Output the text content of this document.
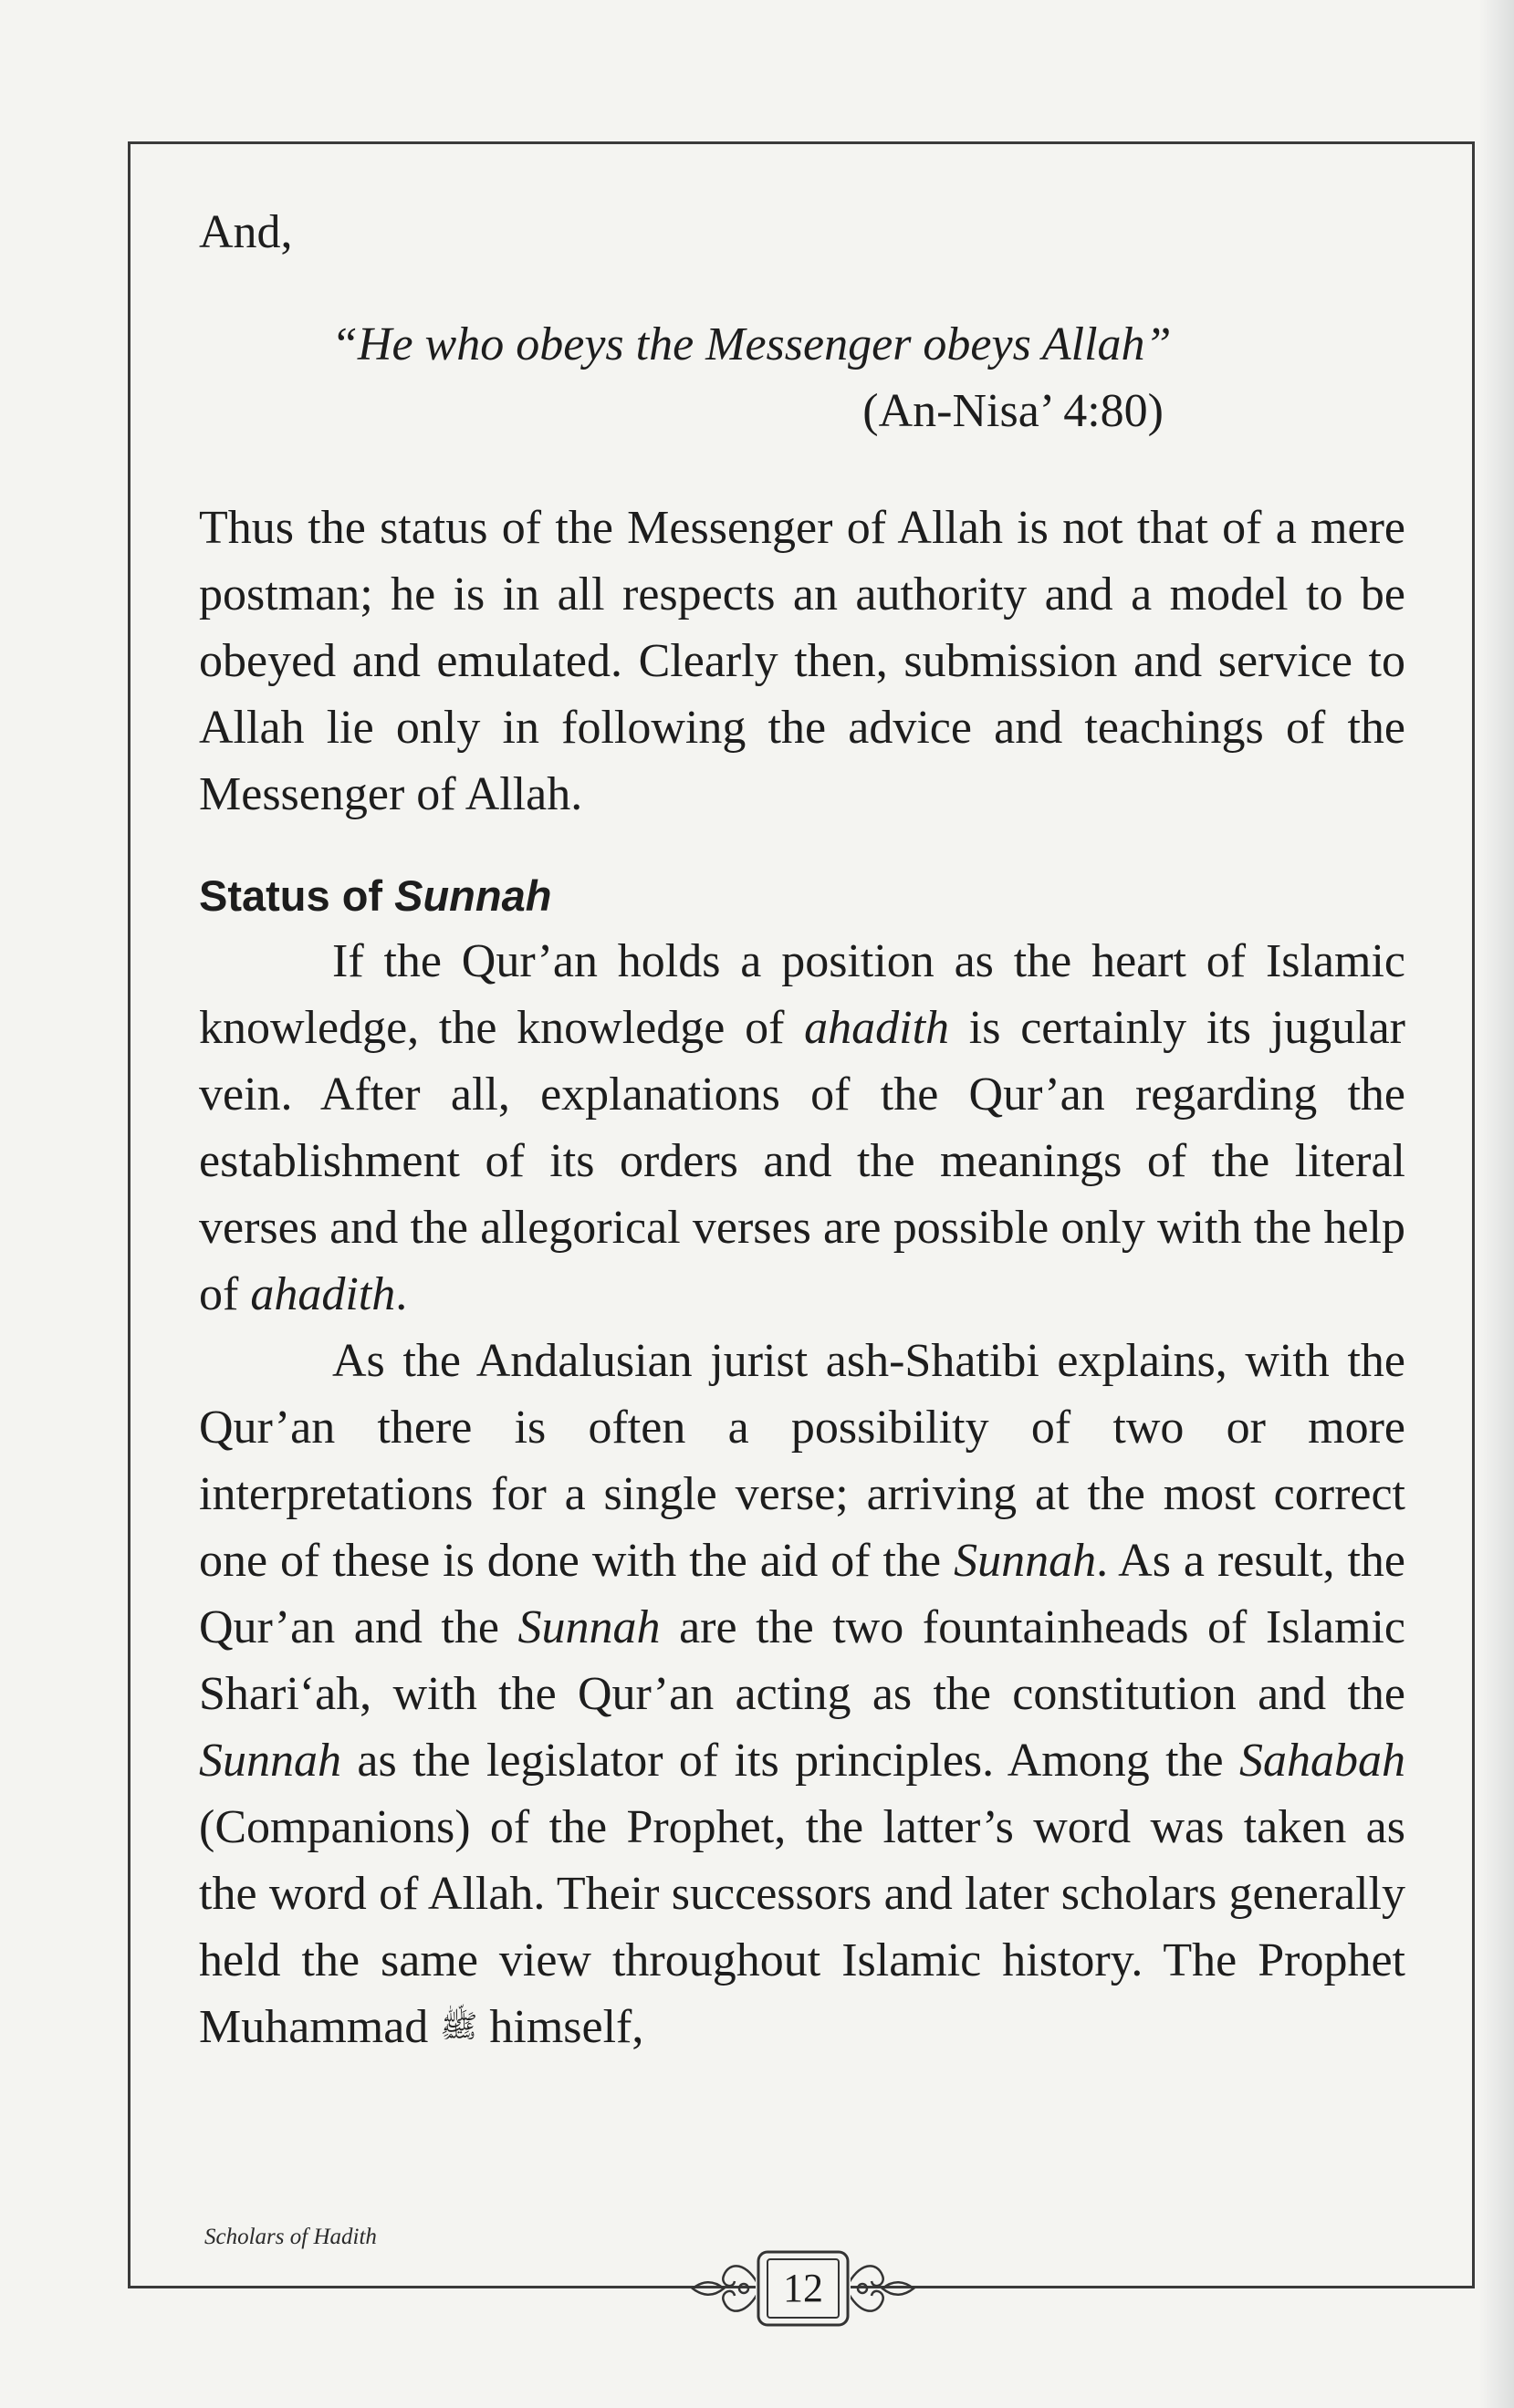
And,

“He who obeys the Messenger obeys Allah”

(An-Nisa’ 4:80)

Thus the status of the Messenger of Allah is not that of a mere postman; he is in all respects an authority and a model to be obeyed and emulated. Clearly then, submission and service to Allah lie only in following the advice and teachings of the Messenger of Allah.

Status of Sunnah

If the Qur’an holds a position as the heart of Islamic knowledge, the knowledge of ahadith is certainly its jugular vein. After all, explanations of the Qur’an regarding the establishment of its orders and the meanings of the literal verses and the allegorical verses are possible only with the help of ahadith.

As the Andalusian jurist ash-Shatibi explains, with the Qur’an there is often a possibility of two or more interpretations for a single verse; arriving at the most correct one of these is done with the aid of the Sunnah. As a result, the Qur’an and the Sunnah are the two fountainheads of Islamic Shari‘ah, with the Qur’an acting as the constitution and the Sunnah as the legislator of its principles. Among the Sahabah (Companions) of the Prophet, the latter’s word was taken as the word of Allah. Their successors and later scholars generally held the same view throughout Islamic history. The Prophet Muhammad ﷺ himself,

Scholars of Hadith
12
